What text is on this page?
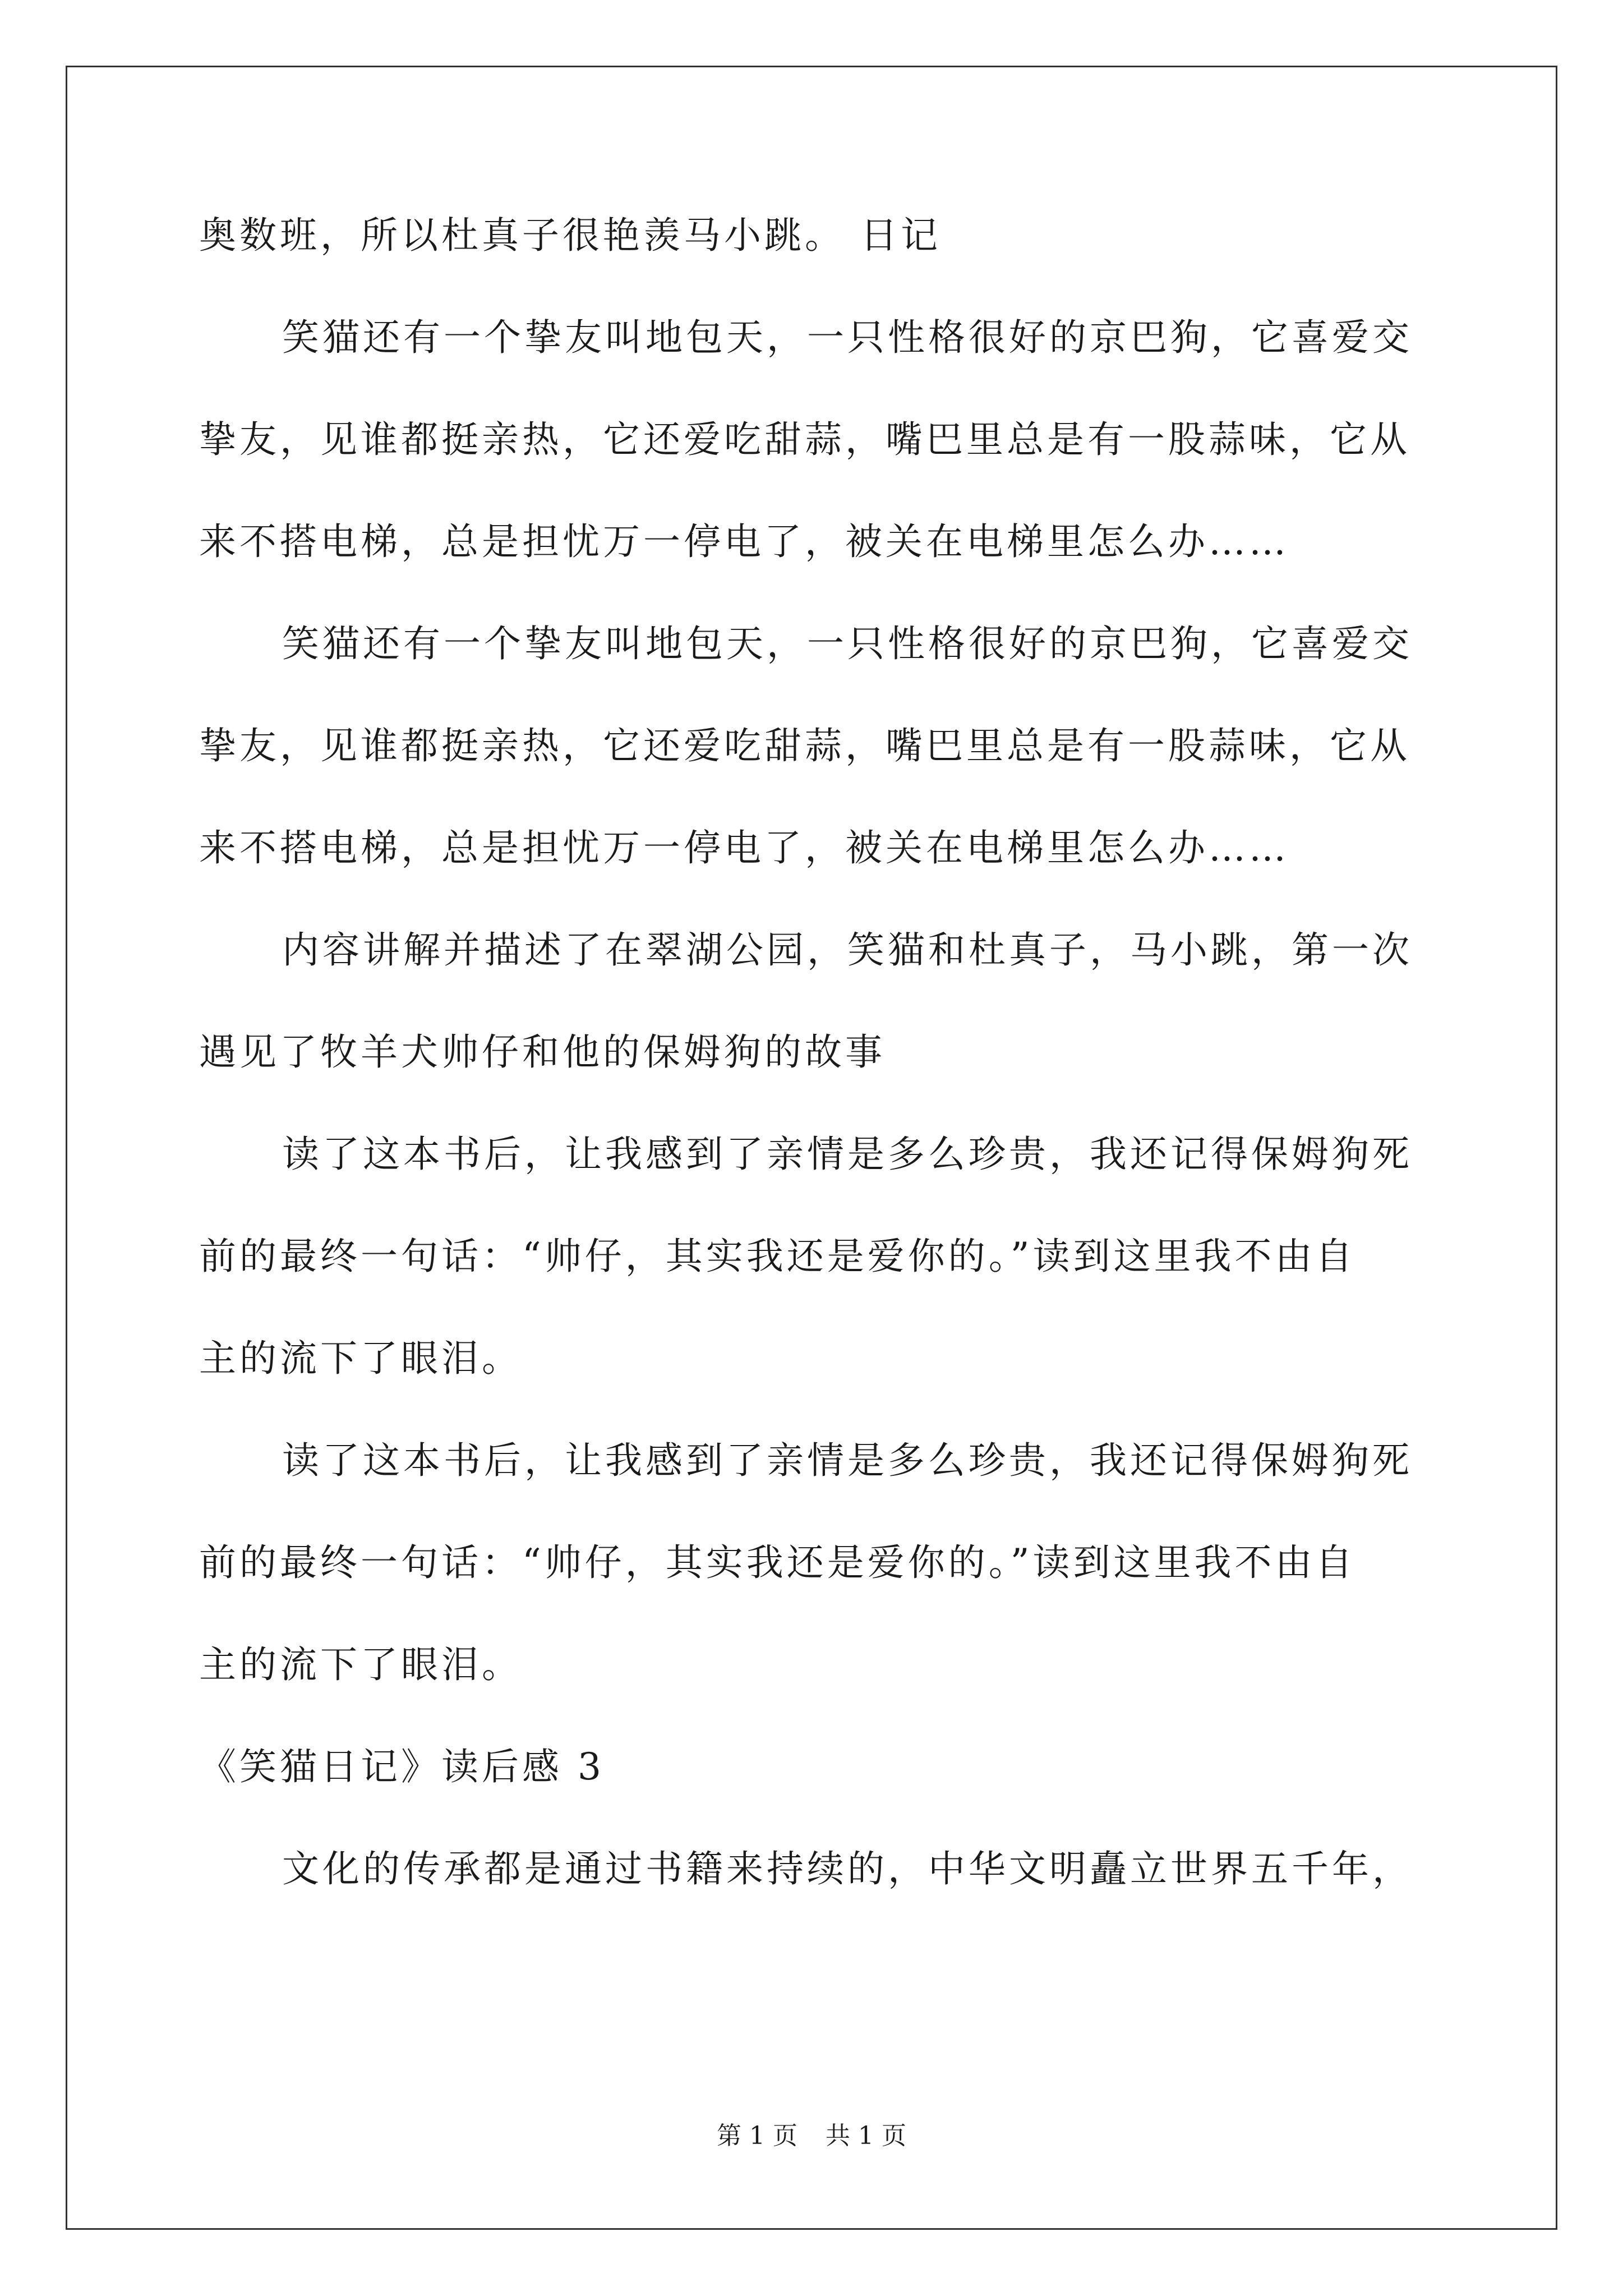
奥数班，所以杜真子很艳羡马小跳。 日记
笑猫还有一个挚友叫地包天，一只性格很好的京巴狗，它喜爱交
挚友，见谁都挺亲热，它还爱吃甜蒜，嘴巴里总是有一股蒜味，它从
来不搭电梯，总是担忧万一停电了，被关在电梯里怎么办……
笑猫还有一个挚友叫地包天，一只性格很好的京巴狗，它喜爱交
挚友，见谁都挺亲热，它还爱吃甜蒜，嘴巴里总是有一股蒜味，它从
来不搭电梯，总是担忧万一停电了，被关在电梯里怎么办……
内容讲解并描述了在翠湖公园，笑猫和杜真子，马小跳，第一次
遇见了牧羊犬帅仔和他的保姆狗的故事
读了这本书后，让我感到了亲情是多么珍贵，我还记得保姆狗死
前的最终一句话：“帅仔，其实我还是爱你的。”读到这里我不由自
主的流下了眼泪。
读了这本书后，让我感到了亲情是多么珍贵，我还记得保姆狗死
前的最终一句话：“帅仔，其实我还是爱你的。”读到这里我不由自
主的流下了眼泪。
《笑猫日记》读后感 3
文化的传承都是通过书籍来持续的，中华文明矗立世界五千年，
第 1 页 共 1 页
